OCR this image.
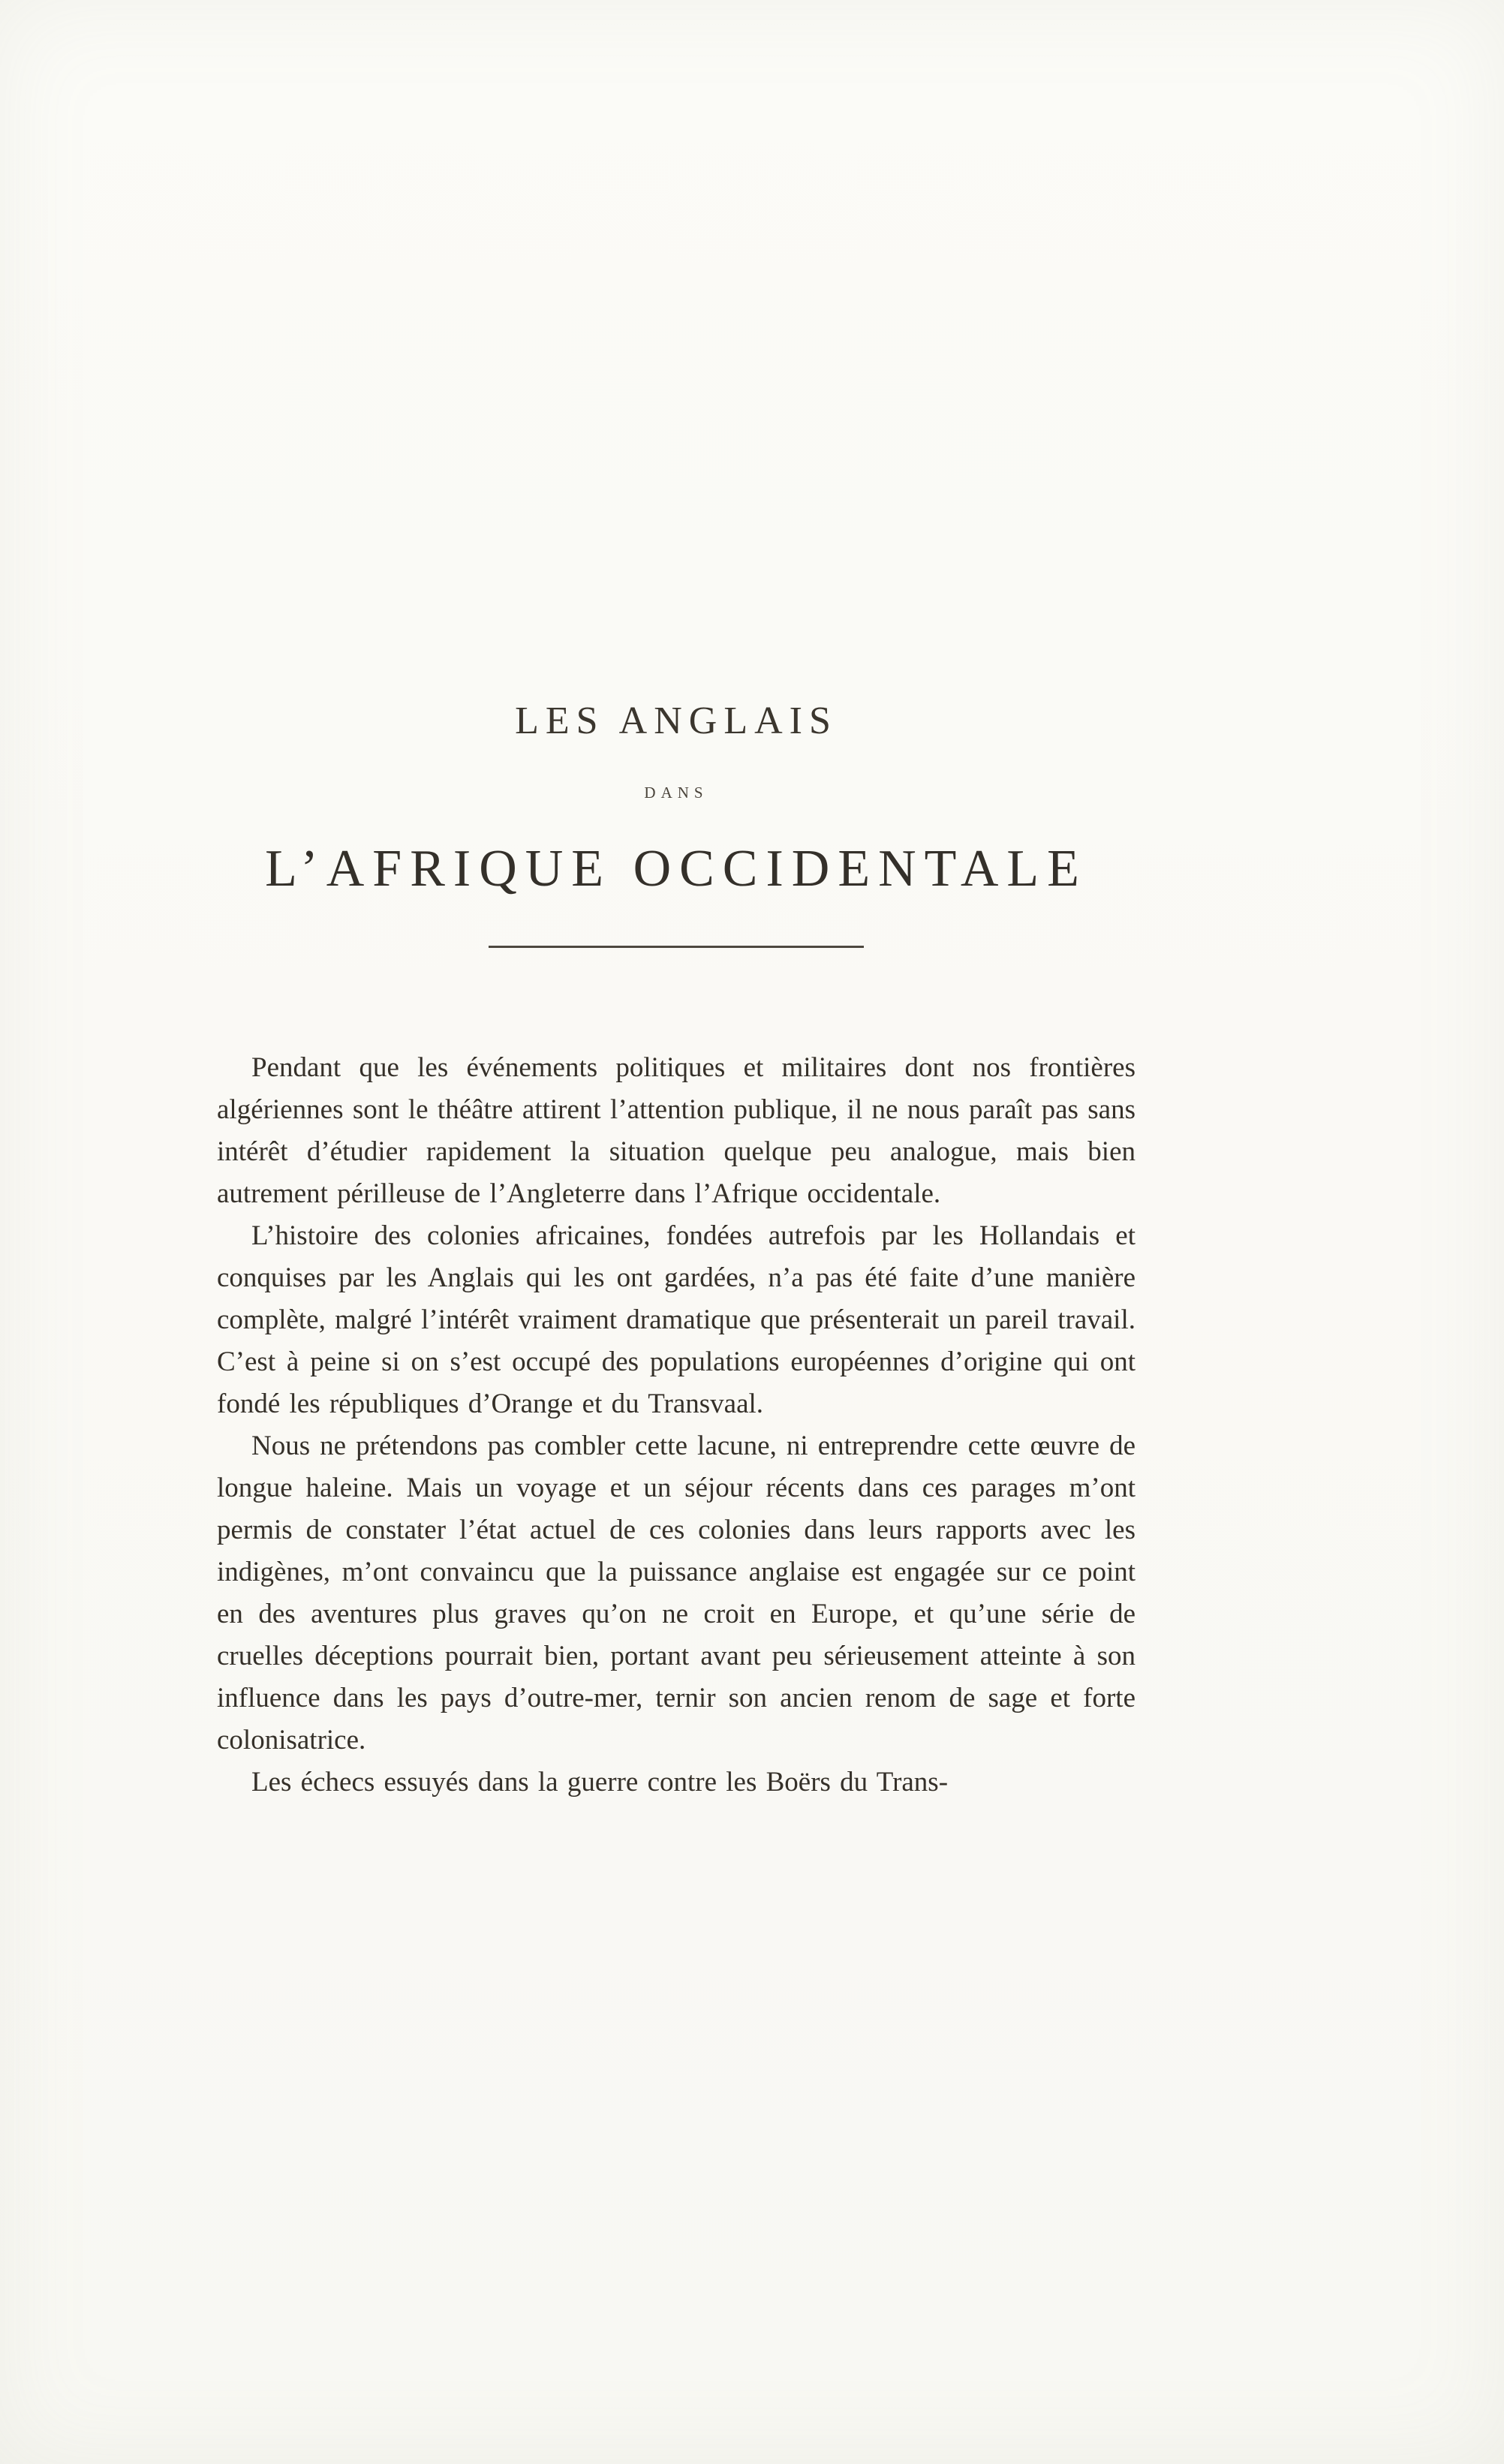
LES ANGLAIS
DANS
L’AFRIQUE OCCIDENTALE

Pendant que les événements politiques et militaires dont nos frontières algériennes sont le théâtre attirent l’attention publique, il ne nous paraît pas sans intérêt d’étudier rapidement la situation quelque peu analogue, mais bien autrement périlleuse de l’Angleterre dans l’Afrique occidentale.

L’histoire des colonies africaines, fondées autrefois par les Hollandais et conquises par les Anglais qui les ont gardées, n’a pas été faite d’une manière complète, malgré l’intérêt vraiment dramatique que présenterait un pareil travail. C’est à peine si on s’est occupé des populations européennes d’origine qui ont fondé les républiques d’Orange et du Transvaal.

Nous ne prétendons pas combler cette lacune, ni entreprendre cette œuvre de longue haleine. Mais un voyage et un séjour récents dans ces parages m’ont permis de constater l’état actuel de ces colonies dans leurs rapports avec les indigènes, m’ont convaincu que la puissance anglaise est engagée sur ce point en des aventures plus graves qu’on ne croit en Europe, et qu’une série de cruelles déceptions pourrait bien, portant avant peu sérieusement atteinte à son influence dans les pays d’outre-mer, ternir son ancien renom de sage et forte colonisatrice.

Les échecs essuyés dans la guerre contre les Boërs du Trans-
